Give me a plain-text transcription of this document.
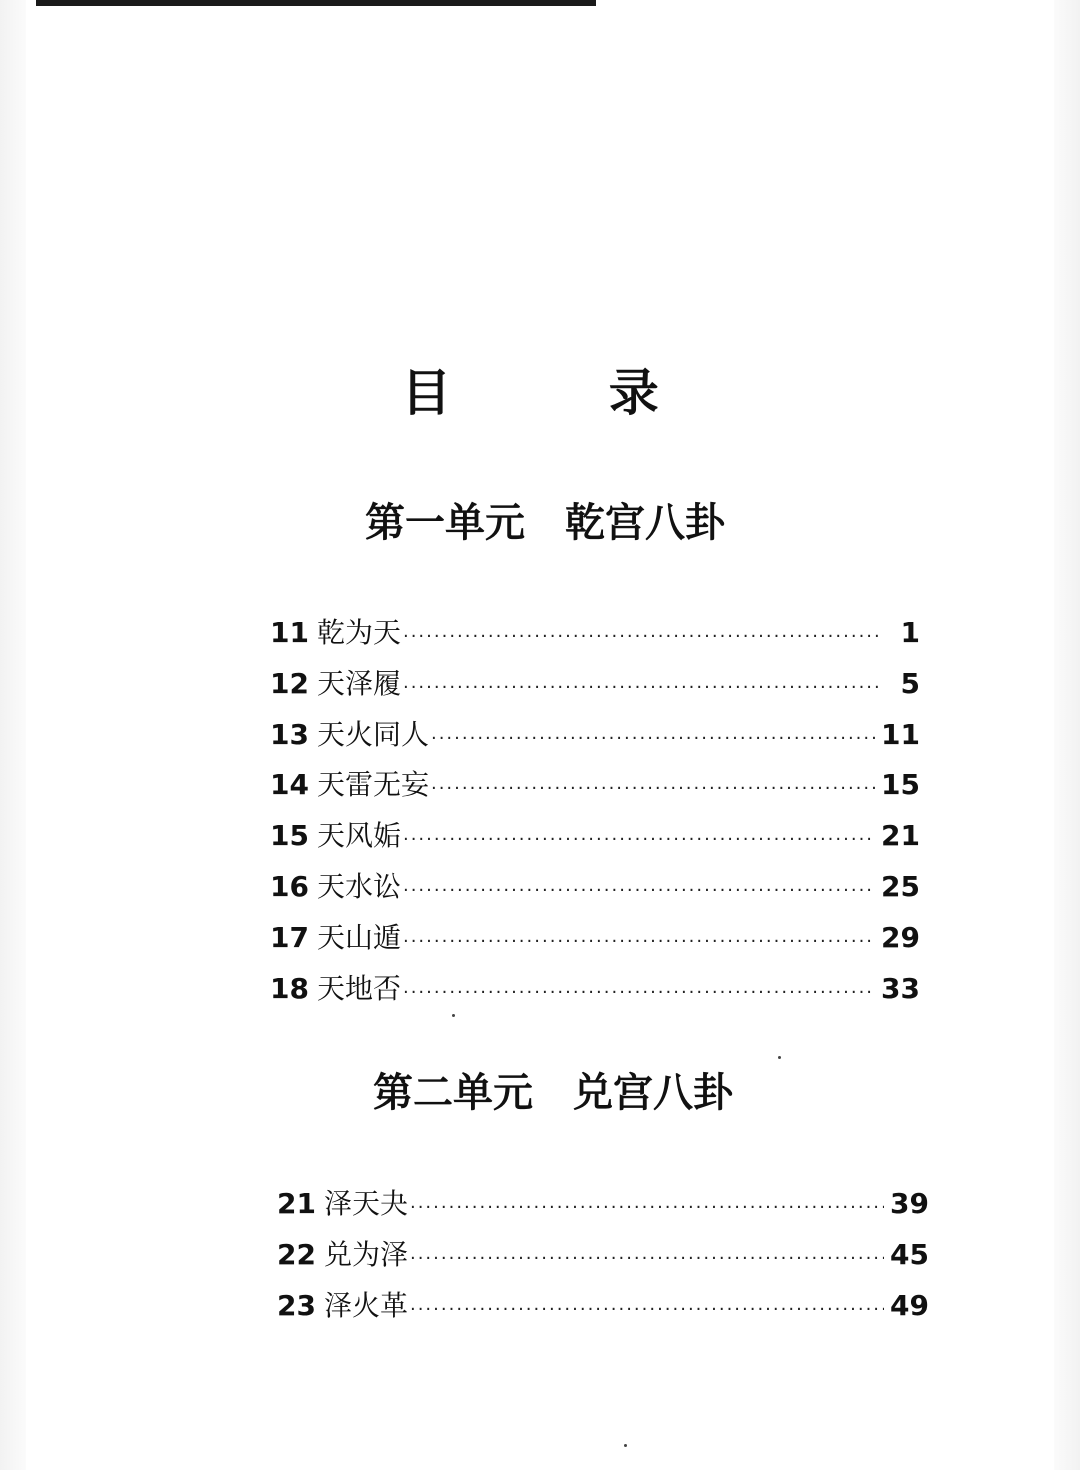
目 录
第一单元　乾宫八卦
11 乾为天 ·····	1
12 天泽履 ·····	5
13 天火同人 ·····	11
14 天雷无妄 ·····	15
15 天风姤 ·····	21
16 天水讼 ·····	25
17 天山遁 ·····	29
18 天地否 ·····	33
第二单元　兑宫八卦
21 泽天夬 ·····	39
22 兑为泽 ·····	45
23 泽火革 ·····	49
